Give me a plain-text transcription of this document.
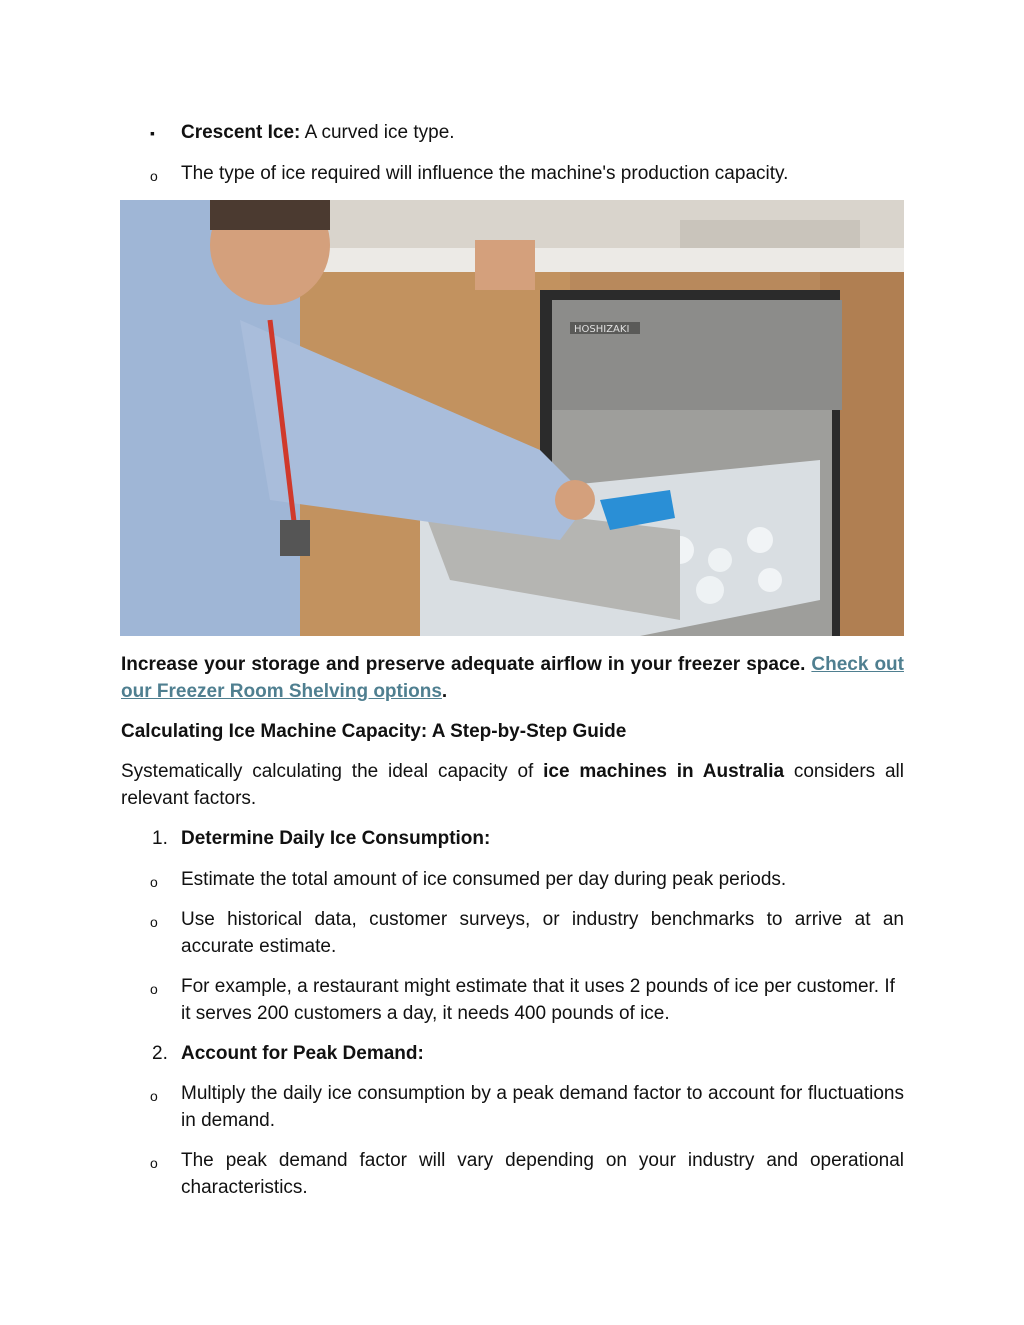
▪ Crescent Ice: A curved ice type.
o The type of ice required will influence the machine's production capacity.
HOSHIZAKI
Increase your storage and preserve adequate airflow in your freezer space. Check out our Freezer Room Shelving options.
Calculating Ice Machine Capacity: A Step-by-Step Guide
Systematically calculating the ideal capacity of ice machines in Australia considers all relevant factors.
1. Determine Daily Ice Consumption:
o Estimate the total amount of ice consumed per day during peak periods.
o Use historical data, customer surveys, or industry benchmarks to arrive at an accurate estimate.
o For example, a restaurant might estimate that it uses 2 pounds of ice per customer. If it serves 200 customers a day, it needs 400 pounds of ice.
2. Account for Peak Demand:
o Multiply the daily ice consumption by a peak demand factor to account for fluctuations in demand.
o The peak demand factor will vary depending on your industry and operational characteristics.
